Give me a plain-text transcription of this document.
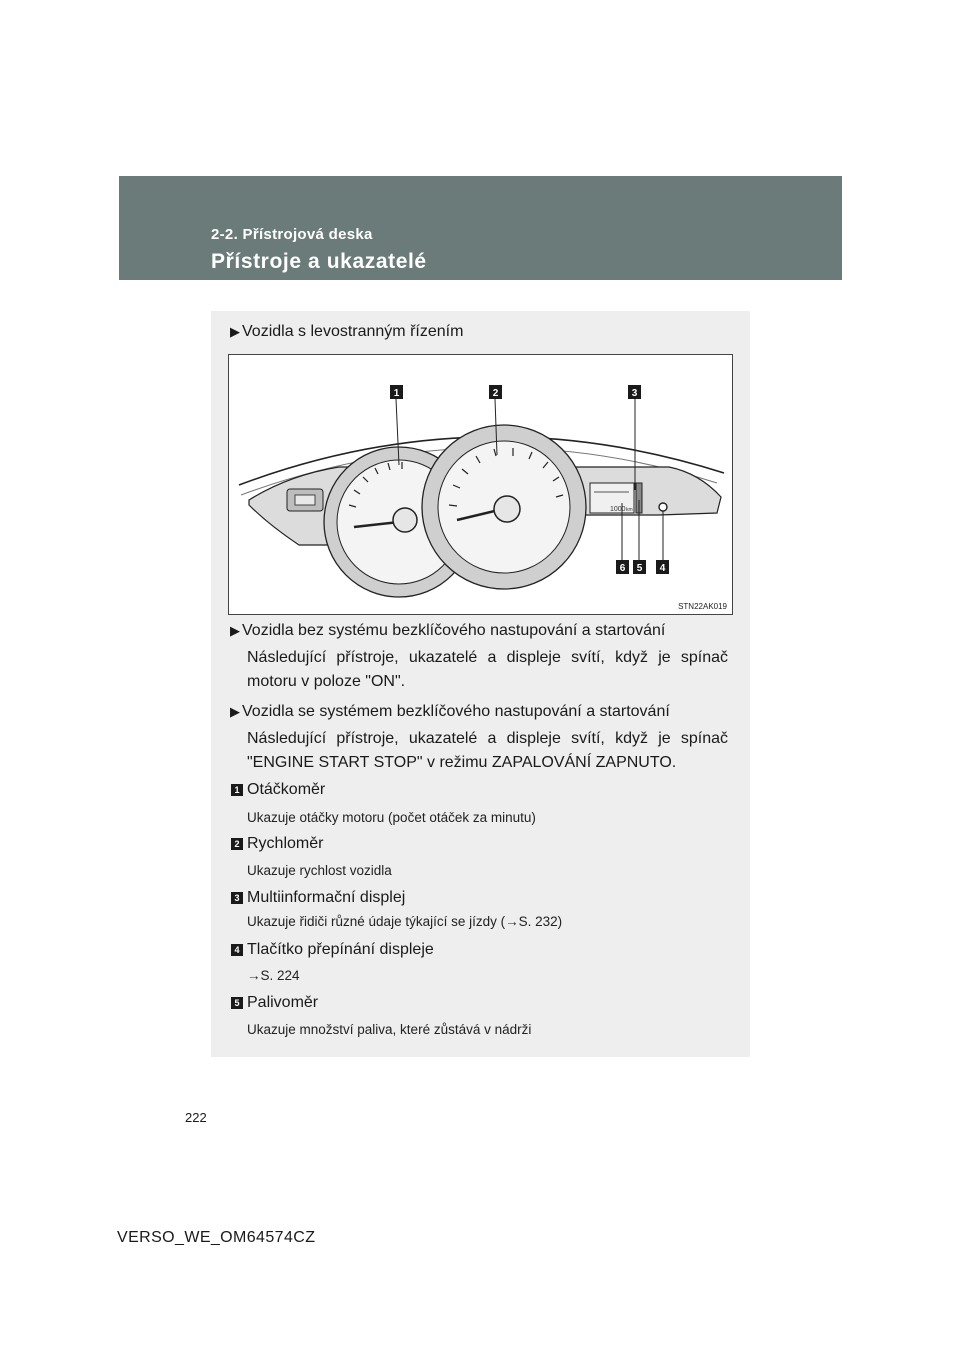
2-2. Přístrojová deska
Přístroje a ukazatelé
▶ Vozidla s levostranným řízením
1000 km
1	2	3
6 5 4
STN22AK019
▶ Vozidla bez systému bezklíčového nastupování a startování
Následující přístroje, ukazatelé a displeje svítí, když je spínač motoru v poloze "ON".
▶ Vozidla se systémem bezklíčového nastupování a startování
Následující přístroje, ukazatelé a displeje svítí, když je spínač "ENGINE START STOP" v režimu ZAPALOVÁNÍ ZAPNUTO.
1 Otáčkoměr
Ukazuje otáčky motoru (počet otáček za minutu)
2 Rychloměr
Ukazuje rychlost vozidla
3 Multiinformační displej
Ukazuje řidiči různé údaje týkající se jízdy (→S. 232)
4 Tlačítko přepínání displeje
→S. 224
5 Palivoměr
Ukazuje množství paliva, které zůstává v nádrži
222
VERSO_WE_OM64574CZ
